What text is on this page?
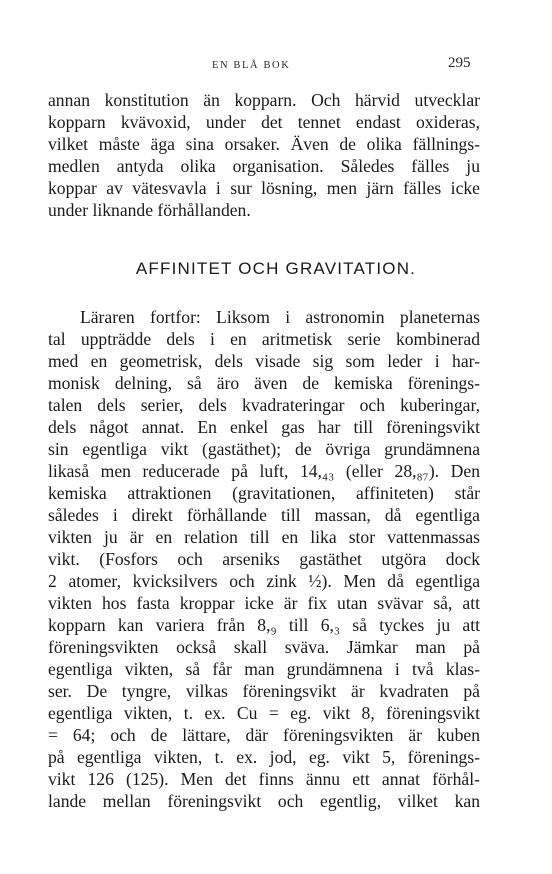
EN BLÅ BOK	295
annan konstitution än kopparn. Och härvid utvecklar
kopparn kvävoxid, under det tennet endast oxideras,
vilket måste äga sina orsaker. Även de olika fällnings-
medlen antyda olika organisation. Således fälles ju
koppar av vätesvavla i sur lösning, men järn fälles icke
under liknande förhållanden.
AFFINITET OCH GRAVITATION.
Läraren fortfor: Liksom i astronomin planeternas
tal uppträdde dels i en aritmetisk serie kombinerad
med en geometrisk, dels visade sig som leder i har-
monisk delning, så äro även de kemiska förenings-
talen dels serier, dels kvadrateringar och kuberingar,
dels något annat. En enkel gas har till föreningsvikt
sin egentliga vikt (gastäthet); de övriga grundämnena
likaså men reducerade på luft, 14,₄₃ (eller 28,₈₇). Den
kemiska attraktionen (gravitationen, affiniteten) står
således i direkt förhållande till massan, då egentliga
vikten ju är en relation till en lika stor vattenmassas
vikt. (Fosfors och arseniks gastäthet utgöra dock
2 atomer, kvicksilvers och zink ½). Men då egentliga
vikten hos fasta kroppar icke är fix utan svävar så, att
kopparn kan variera från 8,₉ till 6,₃ så tyckes ju att
föreningsvikten också skall sväva. Jämkar man på
egentliga vikten, så får man grundämnena i två klas-
ser. De tyngre, vilkas föreningsvikt är kvadraten på
egentliga vikten, t. ex. Cu = eg. vikt 8, föreningsvikt
= 64; och de lättare, där föreningsvikten är kuben
på egentliga vikten, t. ex. jod, eg. vikt 5, förenings-
vikt 126 (125). Men det finns ännu ett annat förhål-
lande mellan föreningsvikt och egentlig, vilket kan
